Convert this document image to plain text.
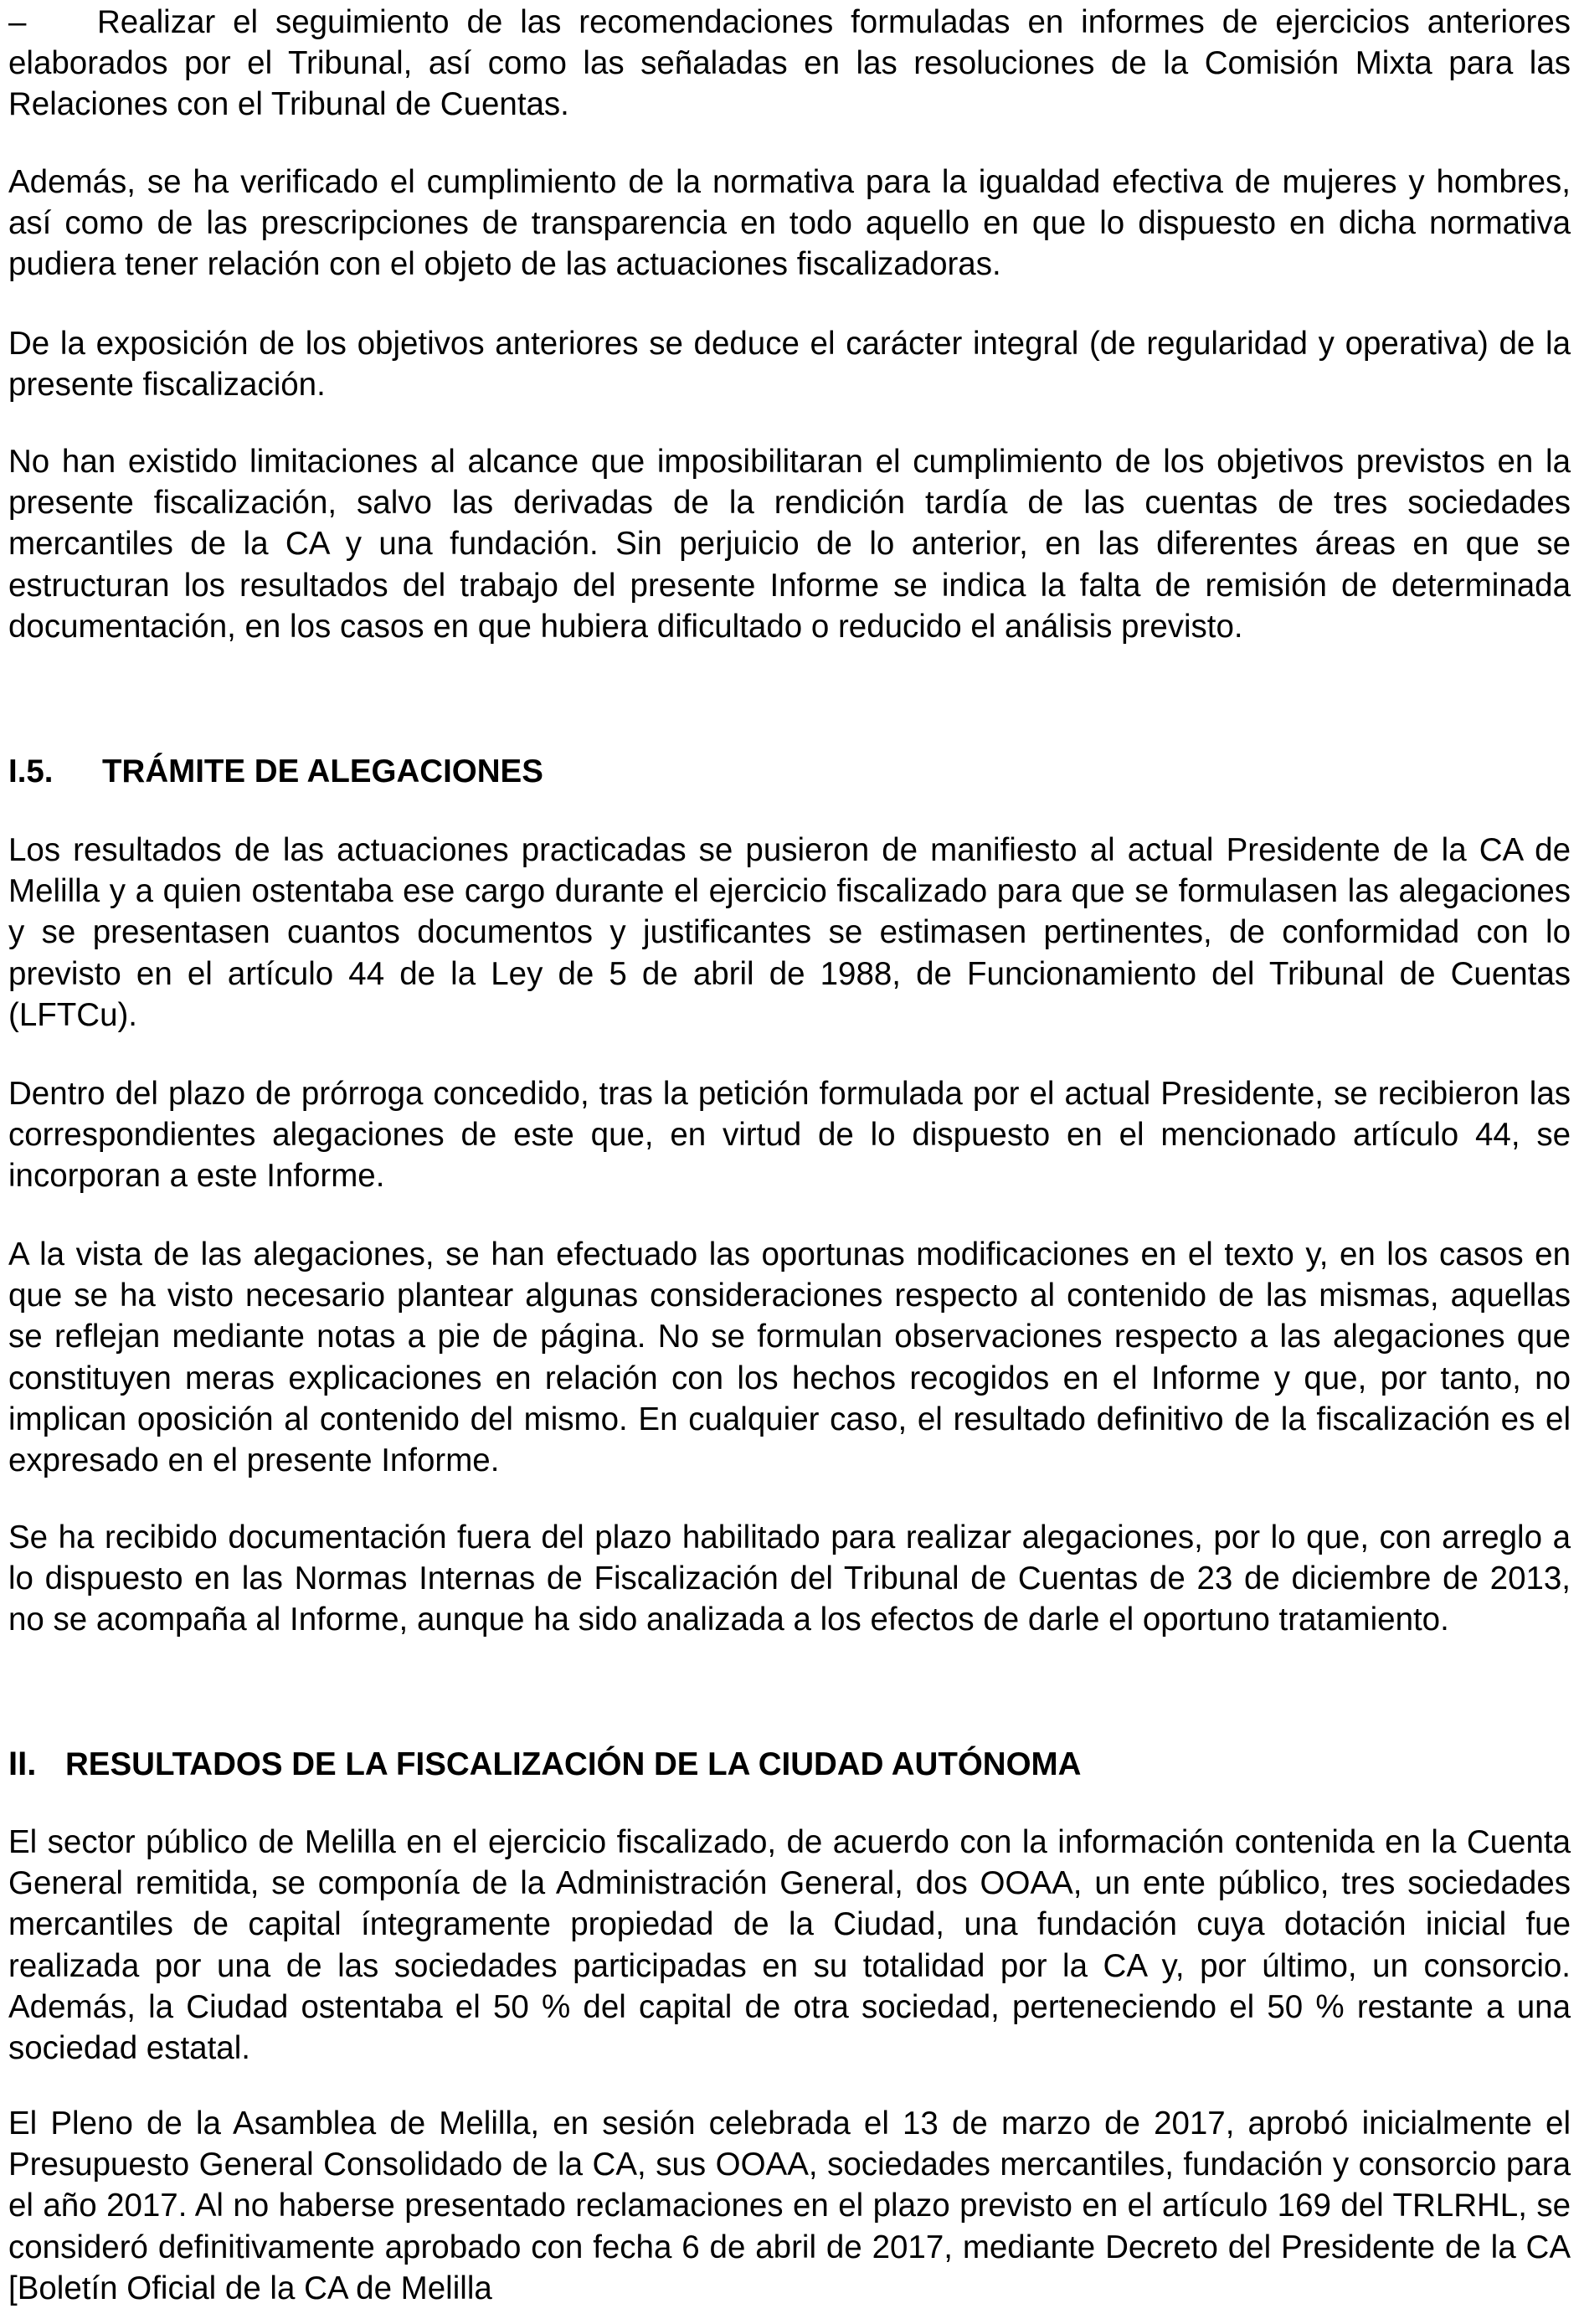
– Realizar el seguimiento de las recomendaciones formuladas en informes de ejercicios anteriores elaborados por el Tribunal, así como las señaladas en las resoluciones de la Comisión Mixta para las Relaciones con el Tribunal de Cuentas.

Además, se ha verificado el cumplimiento de la normativa para la igualdad efectiva de mujeres y hombres, así como de las prescripciones de transparencia en todo aquello en que lo dispuesto en dicha normativa pudiera tener relación con el objeto de las actuaciones fiscalizadoras.

De la exposición de los objetivos anteriores se deduce el carácter integral (de regularidad y operativa) de la presente fiscalización.

No han existido limitaciones al alcance que imposibilitaran el cumplimiento de los objetivos previstos en la presente fiscalización, salvo las derivadas de la rendición tardía de las cuentas de tres sociedades mercantiles de la CA y una fundación. Sin perjuicio de lo anterior, en las diferentes áreas en que se estructuran los resultados del trabajo del presente Informe se indica la falta de remisión de determinada documentación, en los casos en que hubiera dificultado o reducido el análisis previsto.

I.5. TRÁMITE DE ALEGACIONES

Los resultados de las actuaciones practicadas se pusieron de manifiesto al actual Presidente de la CA de Melilla y a quien ostentaba ese cargo durante el ejercicio fiscalizado para que se formulasen las alegaciones y se presentasen cuantos documentos y justificantes se estimasen pertinentes, de conformidad con lo previsto en el artículo 44 de la Ley de 5 de abril de 1988, de Funcionamiento del Tribunal de Cuentas (LFTCu).

Dentro del plazo de prórroga concedido, tras la petición formulada por el actual Presidente, se recibieron las correspondientes alegaciones de este que, en virtud de lo dispuesto en el mencionado artículo 44, se incorporan a este Informe.

A la vista de las alegaciones, se han efectuado las oportunas modificaciones en el texto y, en los casos en que se ha visto necesario plantear algunas consideraciones respecto al contenido de las mismas, aquellas se reflejan mediante notas a pie de página. No se formulan observaciones respecto a las alegaciones que constituyen meras explicaciones en relación con los hechos recogidos en el Informe y que, por tanto, no implican oposición al contenido del mismo. En cualquier caso, el resultado definitivo de la fiscalización es el expresado en el presente Informe.

Se ha recibido documentación fuera del plazo habilitado para realizar alegaciones, por lo que, con arreglo a lo dispuesto en las Normas Internas de Fiscalización del Tribunal de Cuentas de 23 de diciembre de 2013, no se acompaña al Informe, aunque ha sido analizada a los efectos de darle el oportuno tratamiento.

II. RESULTADOS DE LA FISCALIZACIÓN DE LA CIUDAD AUTÓNOMA

El sector público de Melilla en el ejercicio fiscalizado, de acuerdo con la información contenida en la Cuenta General remitida, se componía de la Administración General, dos OOAA, un ente público, tres sociedades mercantiles de capital íntegramente propiedad de la Ciudad, una fundación cuya dotación inicial fue realizada por una de las sociedades participadas en su totalidad por la CA y, por último, un consorcio. Además, la Ciudad ostentaba el 50 % del capital de otra sociedad, perteneciendo el 50 % restante a una sociedad estatal.

El Pleno de la Asamblea de Melilla, en sesión celebrada el 13 de marzo de 2017, aprobó inicialmente el Presupuesto General Consolidado de la CA, sus OOAA, sociedades mercantiles, fundación y consorcio para el año 2017. Al no haberse presentado reclamaciones en el plazo previsto en el artículo 169 del TRLRHL, se consideró definitivamente aprobado con fecha 6 de abril de 2017, mediante Decreto del Presidente de la CA [Boletín Oficial de la CA de Melilla
